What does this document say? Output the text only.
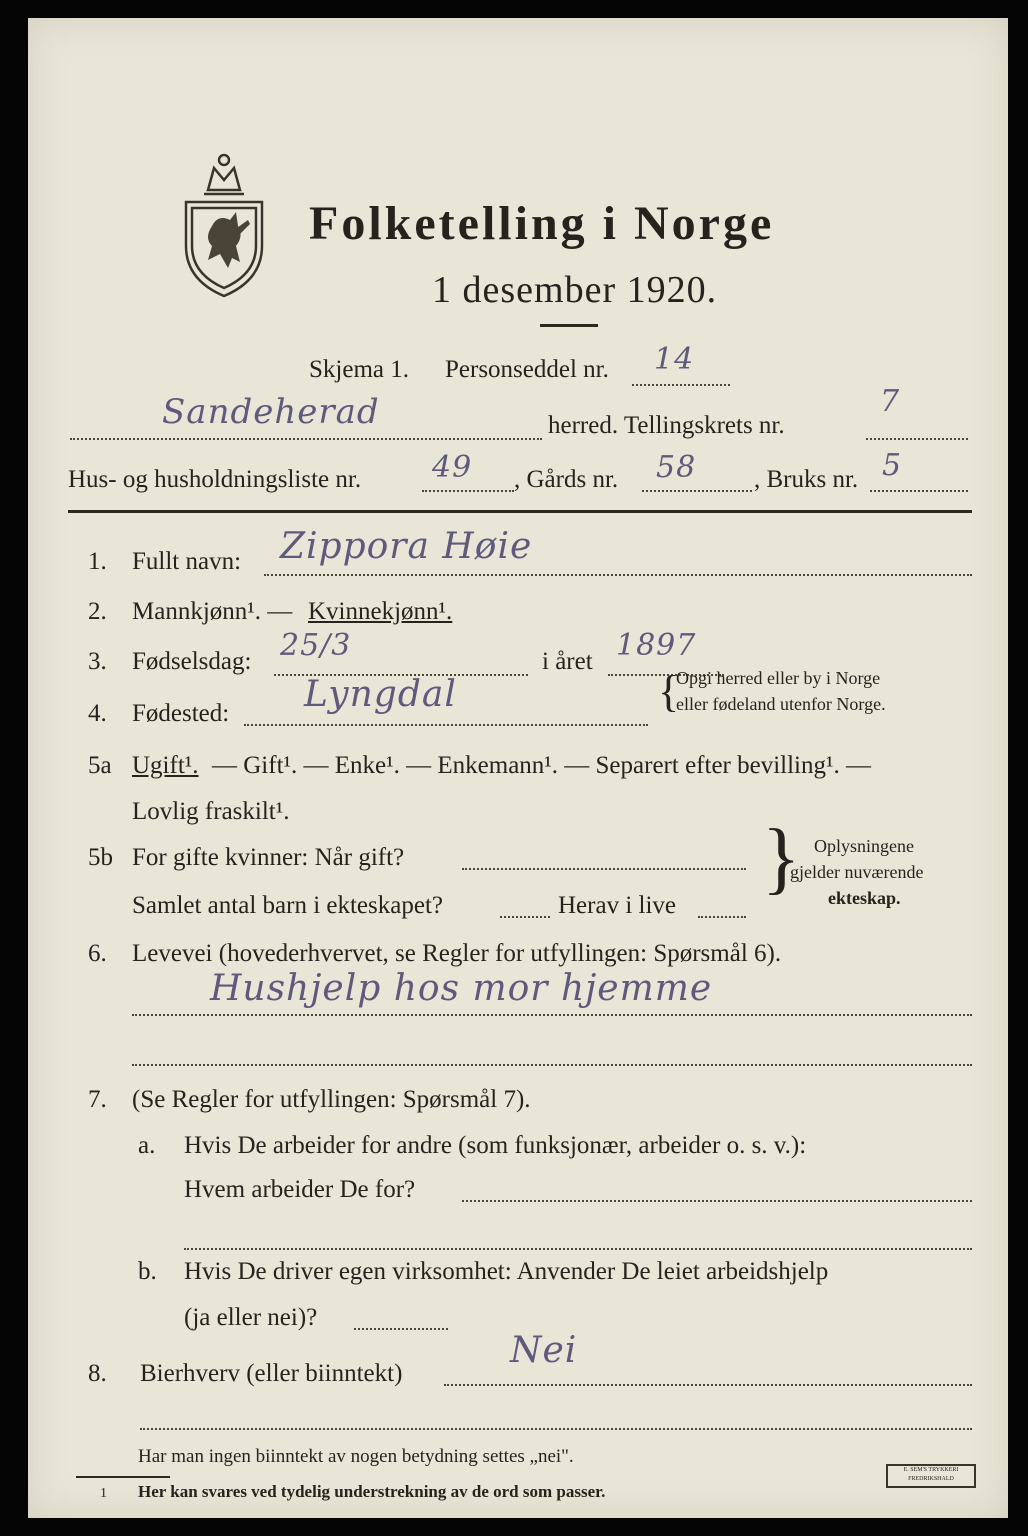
Folketelling i Norge
1 desember 1920.
Skjema 1. Personseddel nr. 14
Sandeherad	herred. Tellingskrets nr.
7
Hus- og husholdningsliste nr. 49 , Gårds nr. 58 , Bruks nr. 5
1. Fullt navn: Zippora Høie
2. Mannkjønn¹. — Kvinnekjønn¹.
3. Fødselsdag: 25/3	i året 1897
4. Fødested: Lyngdal	{
Opgi herred eller by i Norge
eller fødeland utenfor Norge.
5a Ugift¹. — Gift¹. — Enke¹. — Enkemann¹. — Separert efter bevilling¹. —
Lovlig fraskilt¹.
5b For gifte kvinner: Når gift?
Samlet antal barn i ekteskapet?	Herav i live
} Oplysningene
gjelder nuværende
ekteskap.
6. Levevei (hovederhvervet, se Regler for utfyllingen: Spørsmål 6).
Hushjelp hos mor hjemme
7. (Se Regler for utfyllingen: Spørsmål 7).
a. Hvis De arbeider for andre (som funksjonær, arbeider o. s. v.):
Hvem arbeider De for?
b. Hvis De driver egen virksomhet: Anvender De leiet arbeidshjelp
(ja eller nei)?
8. Bierhverv (eller biinntekt)
Nei
Har man ingen biinntekt av nogen betydning settes „nei".
1 Her kan svares ved tydelig understrekning av de ord som passer.
E. SEM'S TRYKKERI FREDRIKSHALD
